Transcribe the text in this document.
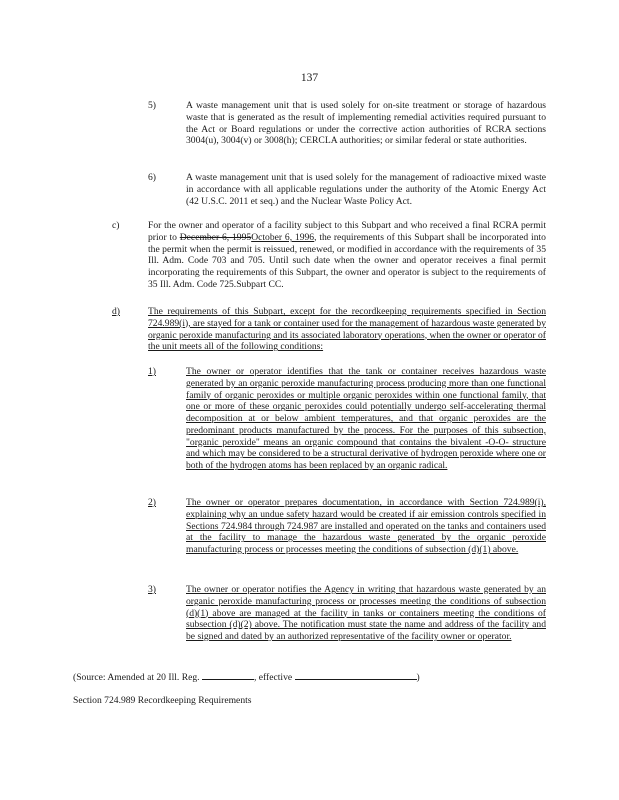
137
5)	A waste management unit that is used solely for on-site treatment or storage of hazardous waste that is generated as the result of implementing remedial activities required pursuant to the Act or Board regulations or under the corrective action authorities of RCRA sections 3004(u), 3004(v) or 3008(h); CERCLA authorities; or similar federal or state authorities.

6)	A waste management unit that is used solely for the management of radioactive mixed waste in accordance with all applicable regulations under the authority of the Atomic Energy Act (42 U.S.C. 2011 et seq.) and the Nuclear Waste Policy Act.

c)	For the owner and operator of a facility subject to this Subpart and who received a final RCRA permit prior to December 6, 1995October 6, 1996, the requirements of this Subpart shall be incorporated into the permit when the permit is reissued, renewed, or modified in accordance with the requirements of 35 Ill. Adm. Code 703 and 705. Until such date when the owner and operator receives a final permit incorporating the requirements of this Subpart, the owner and operator is subject to the requirements of 35 Ill. Adm. Code 725.Subpart CC.

d)	The requirements of this Subpart, except for the recordkeeping requirements specified in Section 724.989(i), are stayed for a tank or container used for the management of hazardous waste generated by organic peroxide manufacturing and its associated laboratory operations, when the owner or operator of the unit meets all of the following conditions:

1)	The owner or operator identifies that the tank or container receives hazardous waste generated by an organic peroxide manufacturing process producing more than one functional family of organic peroxides or multiple organic peroxides within one functional family, that one or more of these organic peroxides could potentially undergo self-accelerating thermal decomposition at or below ambient temperatures, and that organic peroxides are the predominant products manufactured by the process. For the purposes of this subsection, "organic peroxide" means an organic compound that contains the bivalent -O-O- structure and which may be considered to be a structural derivative of hydrogen peroxide where one or both of the hydrogen atoms has been replaced by an organic radical.

2)	The owner or operator prepares documentation, in accordance with Section 724.989(i), explaining why an undue safety hazard would be created if air emission controls specified in Sections 724.984 through 724.987 are installed and operated on the tanks and containers used at the facility to manage the hazardous waste generated by the organic peroxide manufacturing process or processes meeting the conditions of subsection (d)(1) above.

3)	The owner or operator notifies the Agency in writing that hazardous waste generated by an organic peroxide manufacturing process or processes meeting the conditions of subsection (d)(1) above are managed at the facility in tanks or containers meeting the conditions of subsection (d)(2) above. The notification must state the name and address of the facility and be signed and dated by an authorized representative of the facility owner or operator.

(Source: Amended at 20 Ill. Reg.	, effective	)
Section 724.989 Recordkeeping Requirements
